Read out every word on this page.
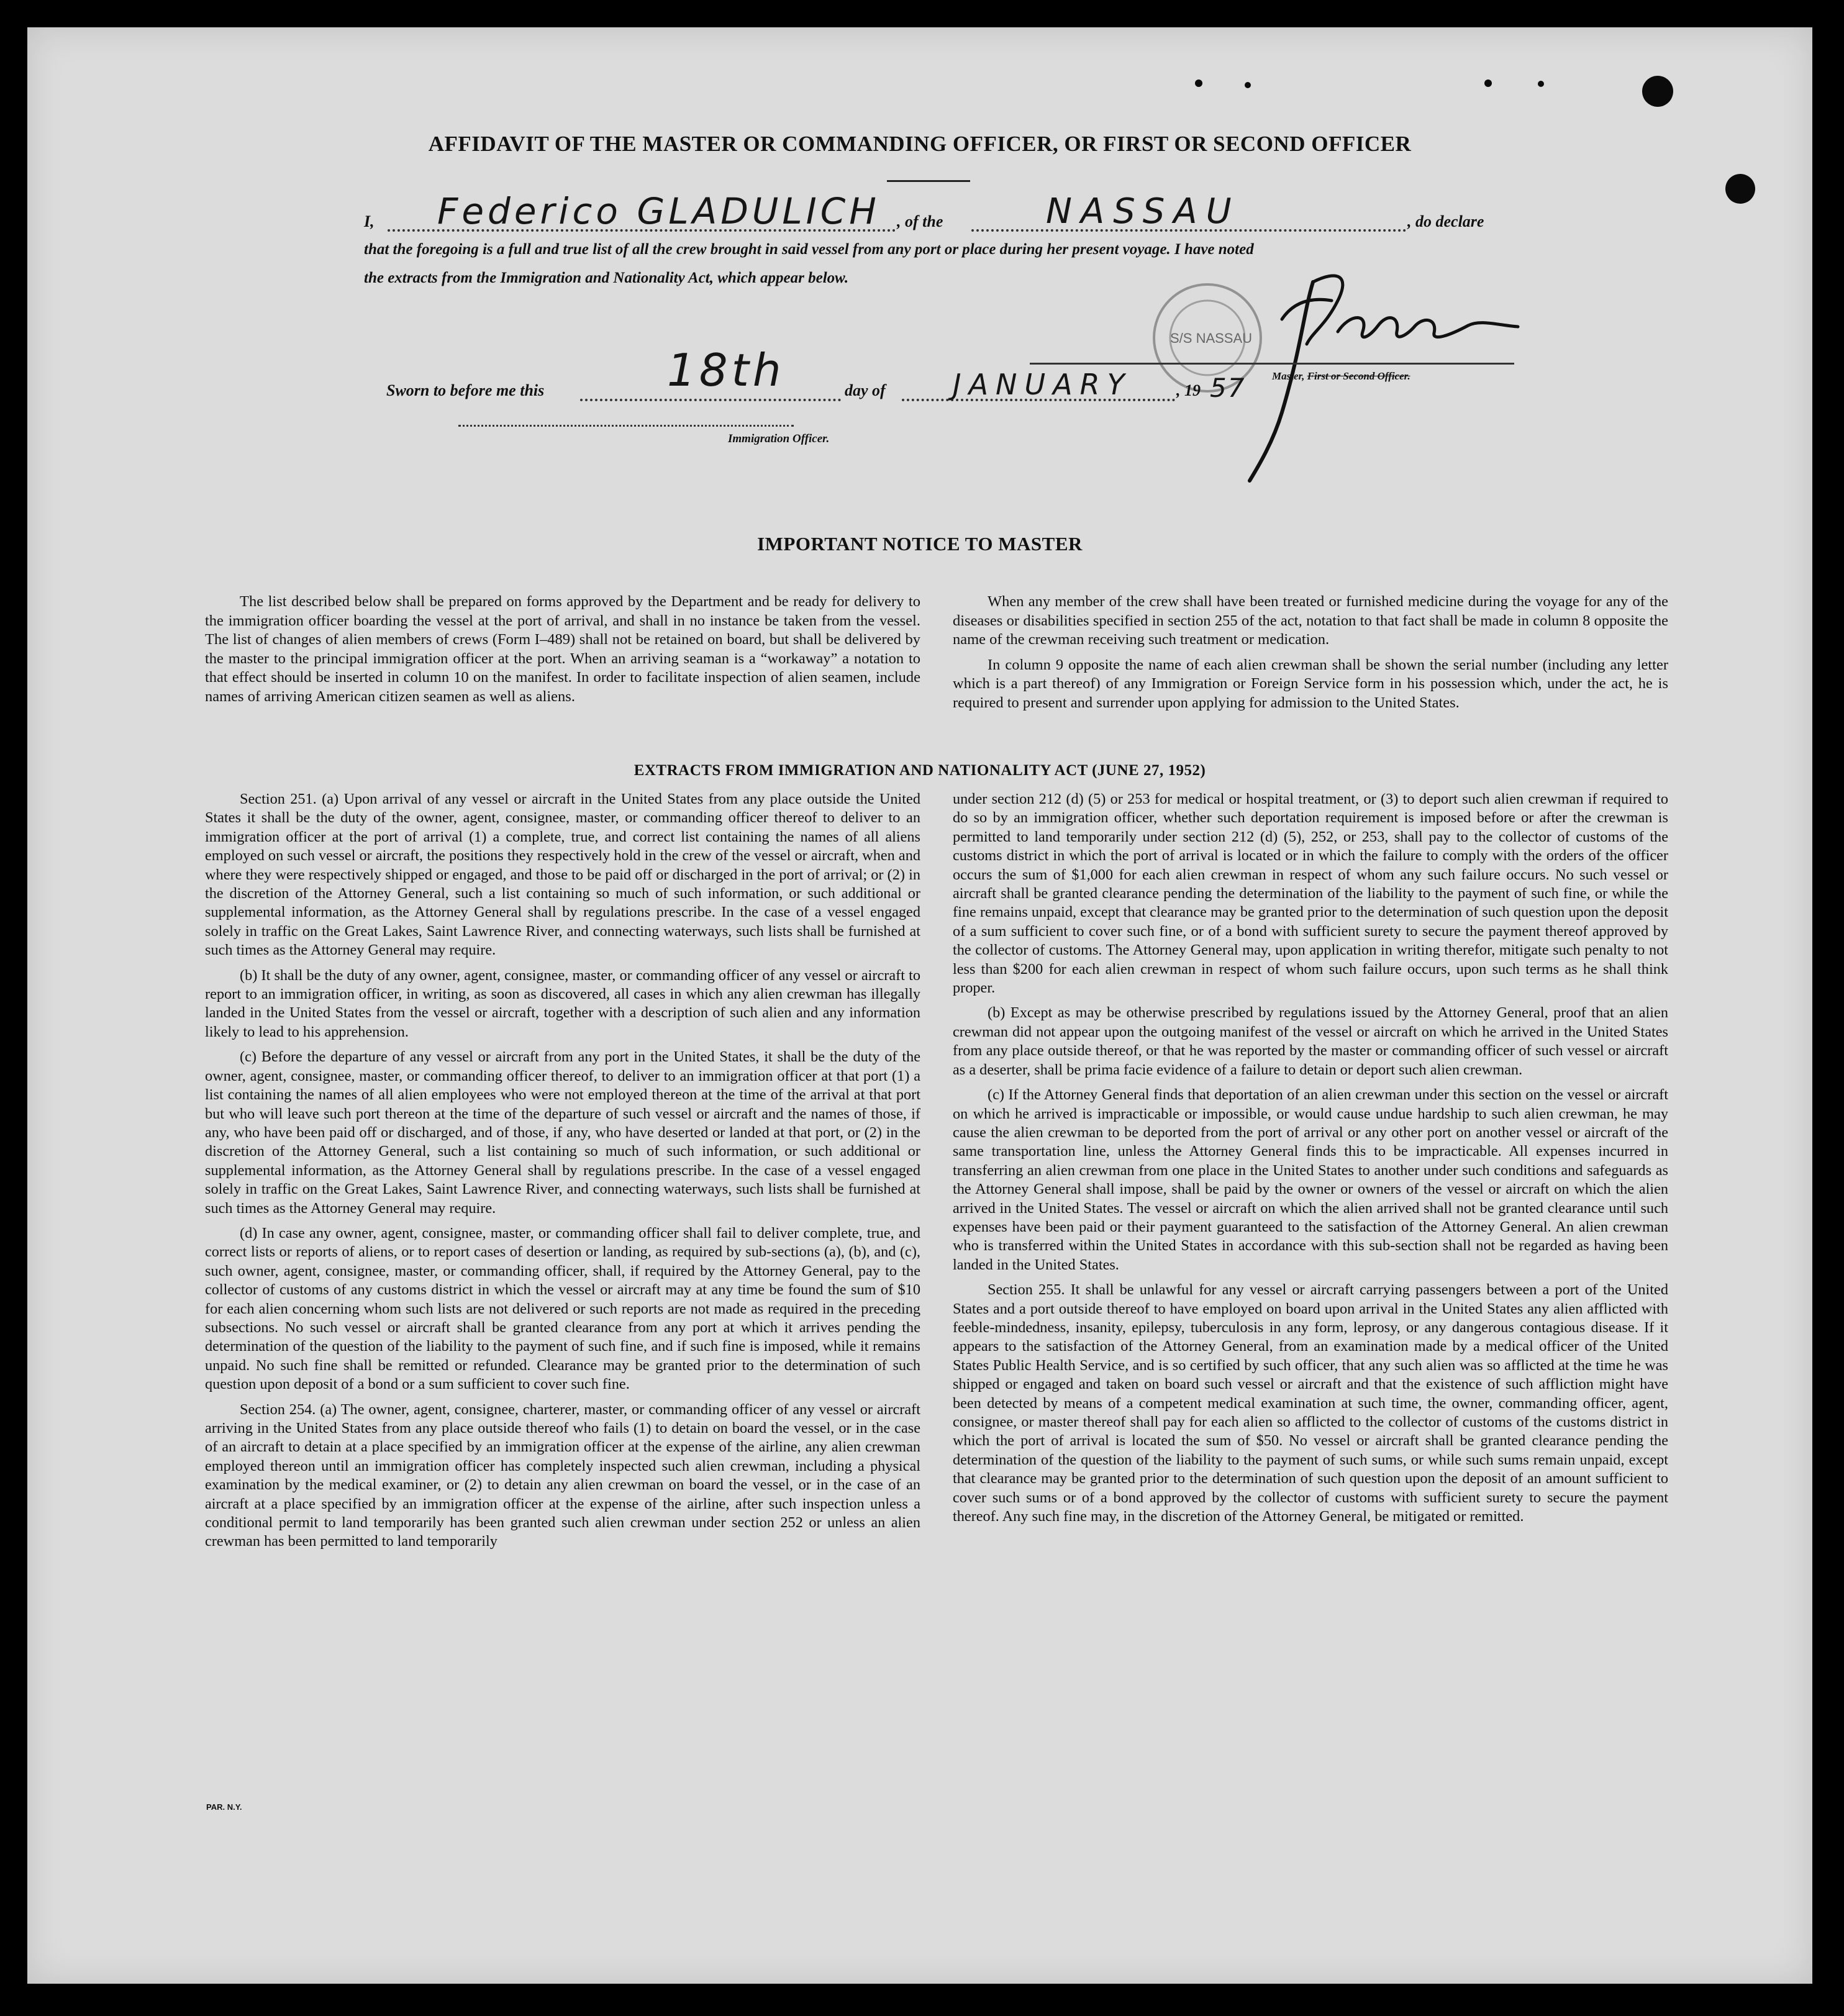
AFFIDAVIT OF THE MASTER OR COMMANDING OFFICER, OR FIRST OR SECOND OFFICER
I, Federico GLADULICH , of the	NASSAU	, do declare
that the foregoing is a full and true list of all the crew brought in said vessel from any port or place during her present voyage. I have noted
the extracts from the Immigration and Nationality Act, which appear below.
S/S NASSAU
Master, First or Second Officer.
Sworn to before me this	18th	day of JANUARY	, 19 57
Immigration Officer.
IMPORTANT NOTICE TO MASTER

The list described below shall be prepared on forms approved by the Department and be ready for delivery to the immigration officer boarding the vessel at the port of arrival, and shall in no instance be taken from the vessel. The list of changes of alien members of crews (Form I–489) shall not be retained on board, but shall be delivered by the master to the principal immigration officer at the port. When an arriving seaman is a “workaway” a notation to that effect should be inserted in column 10 on the manifest. In order to facilitate inspection of alien seamen, include names of arriving American citizen seamen as well as aliens.

When any member of the crew shall have been treated or furnished medicine during the voyage for any of the diseases or disabilities specified in section 255 of the act, notation to that fact shall be made in column 8 opposite the name of the crewman receiving such treatment or medication.

In column 9 opposite the name of each alien crewman shall be shown the serial number (including any letter which is a part thereof) of any Immigration or Foreign Service form in his possession which, under the act, he is required to present and surrender upon applying for admission to the United States.

EXTRACTS FROM IMMIGRATION AND NATIONALITY ACT (JUNE 27, 1952)

Section 251. (a) Upon arrival of any vessel or aircraft in the United States from any place outside the United States it shall be the duty of the owner, agent, consignee, master, or commanding officer thereof to deliver to an immigration officer at the port of arrival (1) a complete, true, and correct list containing the names of all aliens employed on such vessel or aircraft, the positions they respectively hold in the crew of the vessel or aircraft, when and where they were respectively shipped or engaged, and those to be paid off or discharged in the port of arrival; or (2) in the discretion of the Attorney General, such a list containing so much of such information, or such additional or supplemental information, as the Attorney General shall by regulations prescribe. In the case of a vessel engaged solely in traffic on the Great Lakes, Saint Lawrence River, and connecting waterways, such lists shall be furnished at such times as the Attorney General may require.

(b) It shall be the duty of any owner, agent, consignee, master, or commanding officer of any vessel or aircraft to report to an immigration officer, in writing, as soon as discovered, all cases in which any alien crewman has illegally landed in the United States from the vessel or aircraft, together with a description of such alien and any information likely to lead to his apprehension.

(c) Before the departure of any vessel or aircraft from any port in the United States, it shall be the duty of the owner, agent, consignee, master, or commanding officer thereof, to deliver to an immigration officer at that port (1) a list containing the names of all alien employees who were not employed thereon at the time of the arrival at that port but who will leave such port thereon at the time of the departure of such vessel or aircraft and the names of those, if any, who have been paid off or discharged, and of those, if any, who have deserted or landed at that port, or (2) in the discretion of the Attorney General, such a list containing so much of such information, or such additional or supplemental information, as the Attorney General shall by regulations prescribe. In the case of a vessel engaged solely in traffic on the Great Lakes, Saint Lawrence River, and connecting waterways, such lists shall be furnished at such times as the Attorney General may require.

(d) In case any owner, agent, consignee, master, or commanding officer shall fail to deliver complete, true, and correct lists or reports of aliens, or to report cases of desertion or landing, as required by sub-sections (a), (b), and (c), such owner, agent, consignee, master, or commanding officer, shall, if required by the Attorney General, pay to the collector of customs of any customs district in which the vessel or aircraft may at any time be found the sum of $10 for each alien concerning whom such lists are not delivered or such reports are not made as required in the preceding subsections. No such vessel or aircraft shall be granted clearance from any port at which it arrives pending the determination of the question of the liability to the payment of such fine, and if such fine is imposed, while it remains unpaid. No such fine shall be remitted or refunded. Clearance may be granted prior to the determination of such question upon deposit of a bond or a sum sufficient to cover such fine.

Section 254. (a) The owner, agent, consignee, charterer, master, or commanding officer of any vessel or aircraft arriving in the United States from any place outside thereof who fails (1) to detain on board the vessel, or in the case of an aircraft to detain at a place specified by an immigration officer at the expense of the airline, any alien crewman employed thereon until an immigration officer has completely inspected such alien crewman, including a physical examination by the medical examiner, or (2) to detain any alien crewman on board the vessel, or in the case of an aircraft at a place specified by an immigration officer at the expense of the airline, after such inspection unless a conditional permit to land temporarily has been granted such alien crewman under section 252 or unless an alien crewman has been permitted to land temporarily

under section 212 (d) (5) or 253 for medical or hospital treatment, or (3) to deport such alien crewman if required to do so by an immigration officer, whether such deportation requirement is imposed before or after the crewman is permitted to land temporarily under section 212 (d) (5), 252, or 253, shall pay to the collector of customs of the customs district in which the port of arrival is located or in which the failure to comply with the orders of the officer occurs the sum of $1,000 for each alien crewman in respect of whom any such failure occurs. No such vessel or aircraft shall be granted clearance pending the determination of the liability to the payment of such fine, or while the fine remains unpaid, except that clearance may be granted prior to the determination of such question upon the deposit of a sum sufficient to cover such fine, or of a bond with sufficient surety to secure the payment thereof approved by the collector of customs. The Attorney General may, upon application in writing therefor, mitigate such penalty to not less than $200 for each alien crewman in respect of whom such failure occurs, upon such terms as he shall think proper.

(b) Except as may be otherwise prescribed by regulations issued by the Attorney General, proof that an alien crewman did not appear upon the outgoing manifest of the vessel or aircraft on which he arrived in the United States from any place outside thereof, or that he was reported by the master or commanding officer of such vessel or aircraft as a deserter, shall be prima facie evidence of a failure to detain or deport such alien crewman.

(c) If the Attorney General finds that deportation of an alien crewman under this section on the vessel or aircraft on which he arrived is impracticable or impossible, or would cause undue hardship to such alien crewman, he may cause the alien crewman to be deported from the port of arrival or any other port on another vessel or aircraft of the same transportation line, unless the Attorney General finds this to be impracticable. All expenses incurred in transferring an alien crewman from one place in the United States to another under such conditions and safeguards as the Attorney General shall impose, shall be paid by the owner or owners of the vessel or aircraft on which the alien arrived in the United States. The vessel or aircraft on which the alien arrived shall not be granted clearance until such expenses have been paid or their payment guaranteed to the satisfaction of the Attorney General. An alien crewman who is transferred within the United States in accordance with this sub-section shall not be regarded as having been landed in the United States.

Section 255. It shall be unlawful for any vessel or aircraft carrying passengers between a port of the United States and a port outside thereof to have employed on board upon arrival in the United States any alien afflicted with feeble-mindedness, insanity, epilepsy, tuberculosis in any form, leprosy, or any dangerous contagious disease. If it appears to the satisfaction of the Attorney General, from an examination made by a medical officer of the United States Public Health Service, and is so certified by such officer, that any such alien was so afflicted at the time he was shipped or engaged and taken on board such vessel or aircraft and that the existence of such affliction might have been detected by means of a competent medical examination at such time, the owner, commanding officer, agent, consignee, or master thereof shall pay for each alien so afflicted to the collector of customs of the customs district in which the port of arrival is located the sum of $50. No vessel or aircraft shall be granted clearance pending the determination of the question of the liability to the payment of such sums, or while such sums remain unpaid, except that clearance may be granted prior to the determination of such question upon the deposit of an amount sufficient to cover such sums or of a bond approved by the collector of customs with sufficient surety to secure the payment thereof. Any such fine may, in the discretion of the Attorney General, be mitigated or remitted.

PAR. N.Y.
